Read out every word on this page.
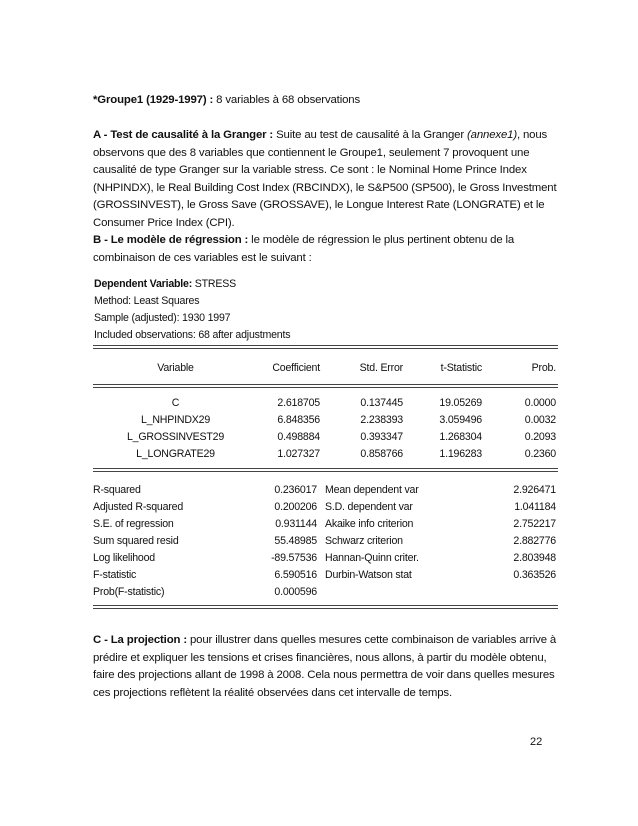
*Groupe1 (1929-1997) : 8 variables à 68 observations
A - Test de causalité à la Granger : Suite au test de causalité à la Granger (annexe1), nous observons que des 8 variables que contiennent le Groupe1, seulement 7 provoquent une causalité de type Granger sur la variable stress. Ce sont : le Nominal Home Prince Index (NHPINDX), le Real Building Cost Index (RBCINDX), le S&P500 (SP500), le Gross Investment (GROSSINVEST), le Gross Save (GROSSAVE), le Longue Interest Rate (LONGRATE) et le Consumer Price Index (CPI).
B - Le modèle de régression : le modèle de régression le plus pertinent obtenu de la combinaison de ces variables est le suivant :
Dependent Variable: STRESS
Method: Least Squares
Sample (adjusted): 1930 1997
Included observations: 68 after adjustments
Variable	Coefficient	Std. Error	t-Statistic	Prob.
C	2.618705	0.137445	19.05269	0.0000
L_NHPINDX29	6.848356	2.238393	3.059496	0.0032
L_GROSSINVEST29	0.498884	0.393347	1.268304	0.2093
L_LONGRATE29	1.027327	0.858766	1.196283	0.2360
R-squared	0.236017 Mean dependent var	2.926471
Adjusted R-squared	0.200206 S.D. dependent var	1.041184
S.E. of regression	0.931144 Akaike info criterion	2.752217
Sum squared resid	55.48985 Schwarz criterion	2.882776
Log likelihood	-89.57536 Hannan-Quinn criter.	2.803948
F-statistic	6.590516 Durbin-Watson stat	0.363526
Prob(F-statistic)	0.000596
C - La projection : pour illustrer dans quelles mesures cette combinaison de variables arrive à prédire et expliquer les tensions et crises financières, nous allons, à partir du modèle obtenu, faire des projections allant de 1998 à 2008. Cela nous permettra de voir dans quelles mesures ces projections reflètent la réalité observées dans cet intervalle de temps.
22
